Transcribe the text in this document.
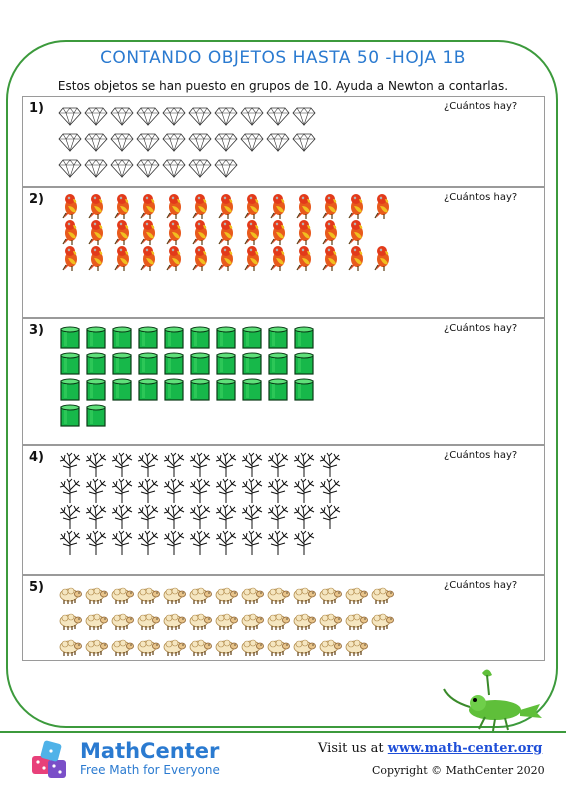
CONTANDO OBJETOS HASTA 50 -HOJA 1B
Estos objetos se han puesto en grupos de 10. Ayuda a Newton a contarlas.
1)	¿Cuántos hay?
2)	¿Cuántos hay?
3)	¿Cuántos hay?
4)	¿Cuántos hay?
5)	¿Cuántos hay?
MathCenter
Free Math for Everyone
Visit us at www.math-center.org
Copyright © MathCenter 2020
